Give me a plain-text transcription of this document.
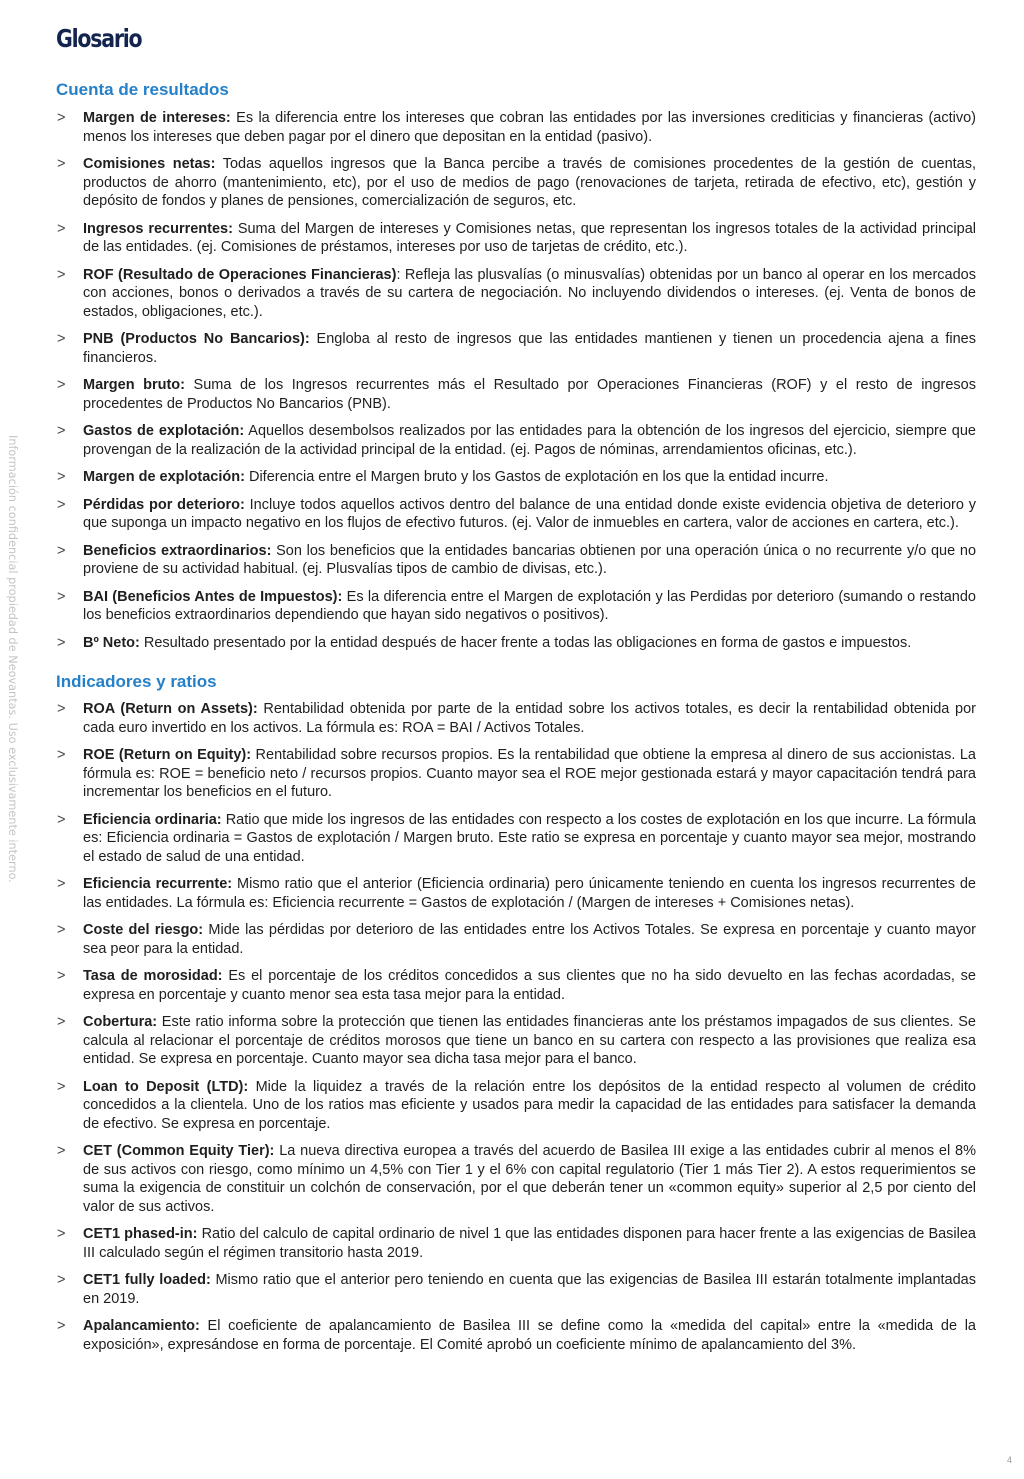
Glosario
Información confidencial propiedad de Neovantas. Uso exclusivamente interno.
Cuenta de resultados
> Margen de intereses: Es la diferencia entre los intereses que cobran las entidades por las inversiones crediticias y financieras (activo) menos los intereses que deben pagar por el dinero que depositan en la entidad (pasivo).
> Comisiones netas: Todas aquellos ingresos que la Banca percibe a través de comisiones procedentes de la gestión de cuentas, productos de ahorro (mantenimiento, etc), por el uso de medios de pago (renovaciones de tarjeta, retirada de efectivo, etc), gestión y depósito de fondos y planes de pensiones, comercialización de seguros, etc.
> Ingresos recurrentes: Suma del Margen de intereses y Comisiones netas, que representan los ingresos totales de la actividad principal de las entidades. (ej. Comisiones de préstamos, intereses por uso de tarjetas de crédito, etc.).
> ROF (Resultado de Operaciones Financieras): Refleja las plusvalías (o minusvalías) obtenidas por un banco al operar en los mercados con acciones, bonos o derivados a través de su cartera de negociación. No incluyendo dividendos o intereses. (ej. Venta de bonos de estados, obligaciones, etc.).
> PNB (Productos No Bancarios): Engloba al resto de ingresos que las entidades mantienen y tienen un procedencia ajena a fines financieros.
> Margen bruto: Suma de los Ingresos recurrentes más el Resultado por Operaciones Financieras (ROF) y el resto de ingresos procedentes de Productos No Bancarios (PNB).
> Gastos de explotación: Aquellos desembolsos realizados por las entidades para la obtención de los ingresos del ejercicio, siempre que provengan de la realización de la actividad principal de la entidad. (ej. Pagos de nóminas, arrendamientos oficinas, etc.).
> Margen de explotación: Diferencia entre el Margen bruto y los Gastos de explotación en los que la entidad incurre.
> Pérdidas por deterioro: Incluye todos aquellos activos dentro del balance de una entidad donde existe evidencia objetiva de deterioro y que suponga un impacto negativo en los flujos de efectivo futuros. (ej. Valor de inmuebles en cartera, valor de acciones en cartera, etc.).
> Beneficios extraordinarios: Son los beneficios que la entidades bancarias obtienen por una operación única o no recurrente y/o que no proviene de su actividad habitual. (ej. Plusvalías tipos de cambio de divisas, etc.).
> BAI (Beneficios Antes de Impuestos): Es la diferencia entre el Margen de explotación y las Perdidas por deterioro (sumando o restando los beneficios extraordinarios dependiendo que hayan sido negativos o positivos).
> Bº Neto: Resultado presentado por la entidad después de hacer frente a todas las obligaciones en forma de gastos e impuestos.
Indicadores y ratios
> ROA (Return on Assets): Rentabilidad obtenida por parte de la entidad sobre los activos totales, es decir la rentabilidad obtenida por cada euro invertido en los activos. La fórmula es: ROA = BAI / Activos Totales.
> ROE (Return on Equity): Rentabilidad sobre recursos propios. Es la rentabilidad que obtiene la empresa al dinero de sus accionistas. La fórmula es: ROE = beneficio neto / recursos propios. Cuanto mayor sea el ROE mejor gestionada estará y mayor capacitación tendrá para incrementar los beneficios en el futuro.
> Eficiencia ordinaria: Ratio que mide los ingresos de las entidades con respecto a los costes de explotación en los que incurre. La fórmula es: Eficiencia ordinaria = Gastos de explotación / Margen bruto. Este ratio se expresa en porcentaje y cuanto mayor sea mejor, mostrando el estado de salud de una entidad.
> Eficiencia recurrente: Mismo ratio que el anterior (Eficiencia ordinaria) pero únicamente teniendo en cuenta los ingresos recurrentes de las entidades. La fórmula es: Eficiencia recurrente = Gastos de explotación / (Margen de intereses + Comisiones netas).
> Coste del riesgo: Mide las pérdidas por deterioro de las entidades entre los Activos Totales. Se expresa en porcentaje y cuanto mayor sea peor para la entidad.
> Tasa de morosidad: Es el porcentaje de los créditos concedidos a sus clientes que no ha sido devuelto en las fechas acordadas, se expresa en porcentaje y cuanto menor sea esta tasa mejor para la entidad.
> Cobertura: Este ratio informa sobre la protección que tienen las entidades financieras ante los préstamos impagados de sus clientes. Se calcula al relacionar el porcentaje de créditos morosos que tiene un banco en su cartera con respecto a las provisiones que realiza esa entidad. Se expresa en porcentaje. Cuanto mayor sea dicha tasa mejor para el banco.
> Loan to Deposit (LTD): Mide la liquidez a través de la relación entre los depósitos de la entidad respecto al volumen de crédito concedidos a la clientela. Uno de los ratios mas eficiente y usados para medir la capacidad de las entidades para satisfacer la demanda de efectivo. Se expresa en porcentaje.
> CET (Common Equity Tier): La nueva directiva europea a través del acuerdo de Basilea III exige a las entidades cubrir al menos el 8% de sus activos con riesgo, como mínimo un 4,5% con Tier 1 y el 6% con capital regulatorio (Tier 1 más Tier 2). A estos requerimientos se suma la exigencia de constituir un colchón de conservación, por el que deberán tener un «common equity» superior al 2,5 por ciento del valor de sus activos.
> CET1 phased-in: Ratio del calculo de capital ordinario de nivel 1 que las entidades disponen para hacer frente a las exigencias de Basilea III calculado según el régimen transitorio hasta 2019.
> CET1 fully loaded: Mismo ratio que el anterior pero teniendo en cuenta que las exigencias de Basilea III estarán totalmente implantadas en 2019.
> Apalancamiento: El coeficiente de apalancamiento de Basilea III se define como la «medida del capital» entre la «medida de la exposición», expresándose en forma de porcentaje. El Comité aprobó un coeficiente mínimo de apalancamiento del 3%.
4
